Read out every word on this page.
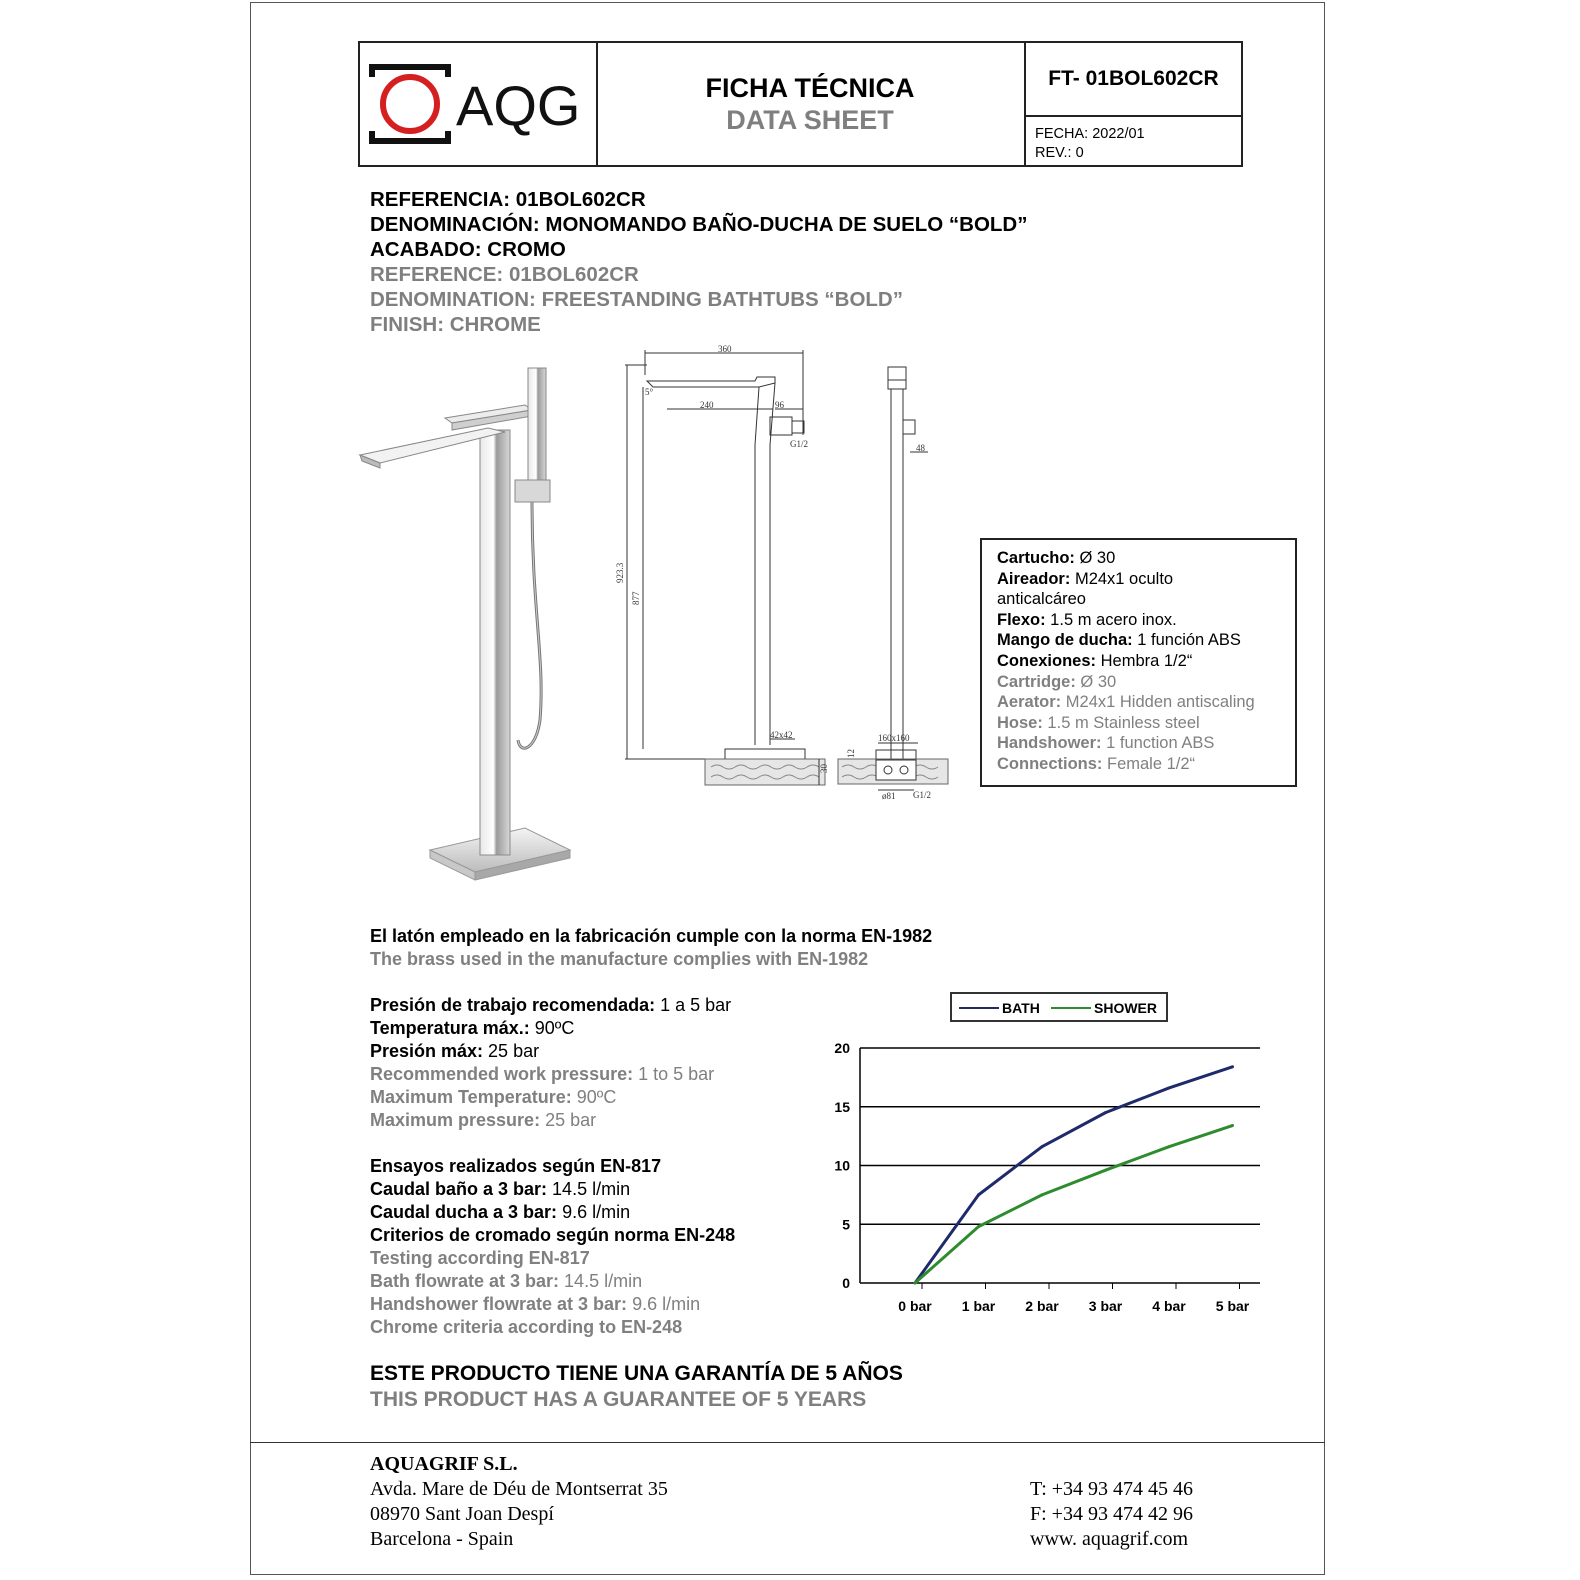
AQG	FICHA TÉCNICA
DATA SHEET
FT- 01BOL602CR
FECHA: 2022/01
REV.: 0
REFERENCIA: 01BOL602CR
DENOMINACIÓN: MONOMANDO BAÑO-DUCHA DE SUELO “BOLD”
ACABADO: CROMO
REFERENCE: 01BOL602CR
DENOMINATION: FREESTANDING BATHTUBS “BOLD”
FINISH: CHROME
360
240	96
5°
G1/2
923.3
877
42x42
30
48
160x160
12
ø81 G1/2
Cartucho: Ø 30
Aireador: M24x1 oculto
anticalcáreo
Flexo: 1.5 m acero inox.
Mango de ducha: 1 función ABS
Conexiones: Hembra 1/2“
Cartridge: Ø 30
Aerator: M24x1 Hidden antiscaling
Hose: 1.5 m Stainless steel
Handshower: 1 function ABS
Connections: Female 1/2“
El latón empleado en la fabricación cumple con la norma EN-1982
The brass used in the manufacture complies with EN-1982
Presión de trabajo recomendada: 1 a 5 bar
Temperatura máx.: 90ºC
Presión máx: 25 bar
Recommended work pressure: 1 to 5 bar
Maximum Temperature: 90ºC
Maximum pressure: 25 bar
Ensayos realizados según EN-817
Caudal baño a 3 bar: 14.5 l/min
Caudal ducha a 3 bar: 9.6 l/min
Criterios de cromado según norma EN-248
Testing according EN-817
Bath flowrate at 3 bar: 14.5 l/min
Handshower flowrate at 3 bar: 9.6 l/min
Chrome criteria according to EN-248
BATH	SHOWER
0
5
10
15
20
0 bar 1 bar 2 bar 3 bar 4 bar 5 bar
ESTE PRODUCTO TIENE UNA GARANTÍA DE 5 AÑOS
THIS PRODUCT HAS A GUARANTEE OF 5 YEARS
AQUAGRIF S.L.
Avda. Mare de Déu de Montserrat 35
08970 Sant Joan Despí
Barcelona - Spain
T: +34 93 474 45 46
F: +34 93 474 42 96
www. aquagrif.com
